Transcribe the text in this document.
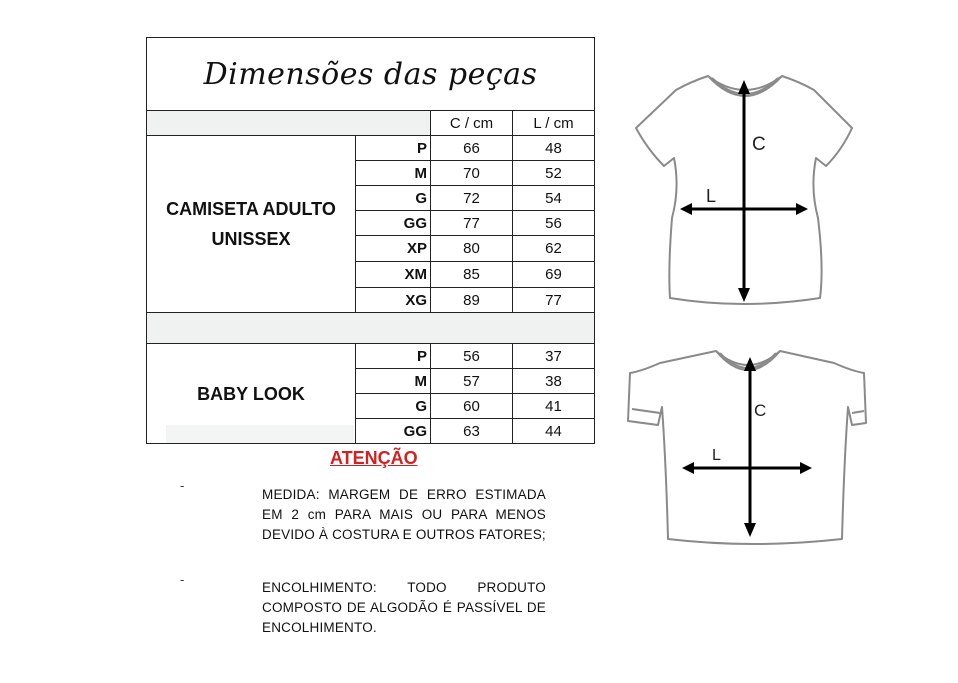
Dimensões das peças
C / cm	L / cm
CAMISETA ADULTO
UNISSEX
P	66	48
M	70	52
G	72	54
GG	77	56
XP	80	62
XM	85	69
XG	89	77
BABY LOOK
P	56	37
M	57	38
G	60	41
GG	63	44
ATENÇÃO
-
MEDIDA: MARGEM DE ERRO ESTIMADA EM 2 cm PARA MAIS OU PARA MENOS DEVIDO À COSTURA E OUTROS FATORES;
-
ENCOLHIMENTO: TODO PRODUTO COMPOSTO DE ALGODÃO É PASSÍVEL DE ENCOLHIMENTO.
C
L
C
L
